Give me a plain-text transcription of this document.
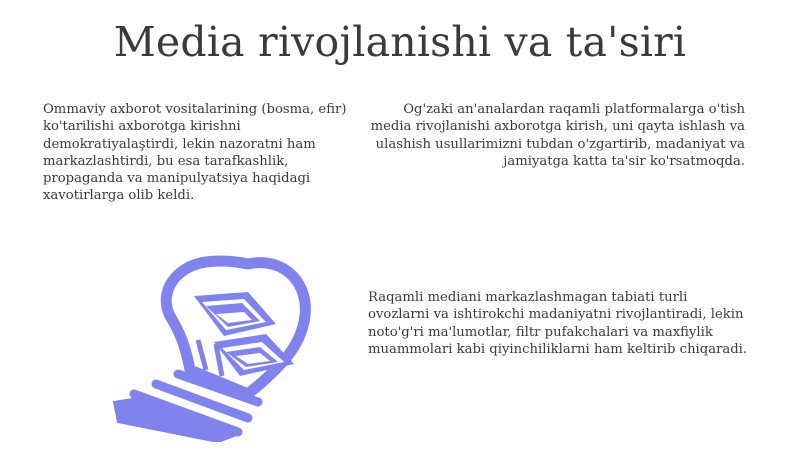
Media rivojlanishi va ta'siri

Ommaviy axborot vositalarining (bosma, efir) ko'tarilishi axborotga kirishni demokratiyalaştirdi, lekin nazoratni ham markazlashtirdi, bu esa tarafkashlik, propaganda va manipulyatsiya haqidagi xavotirlarga olib keldi.

Og'zaki an'analardan raqamli platformalarga o'tish media rivojlanishi axborotga kirish, uni qayta ishlash va ulashish usullarimizni tubdan o'zgartirib, madaniyat va jamiyatga katta ta'sir ko'rsatmoqda.

Raqamli mediani markazlashmagan tabiati turli ovozlarni va ishtirokchi madaniyatni rivojlantiradi, lekin noto'g'ri ma'lumotlar, filtr pufakchalari va maxfiylik muammolari kabi qiyinchiliklarni ham keltirib chiqaradi.
